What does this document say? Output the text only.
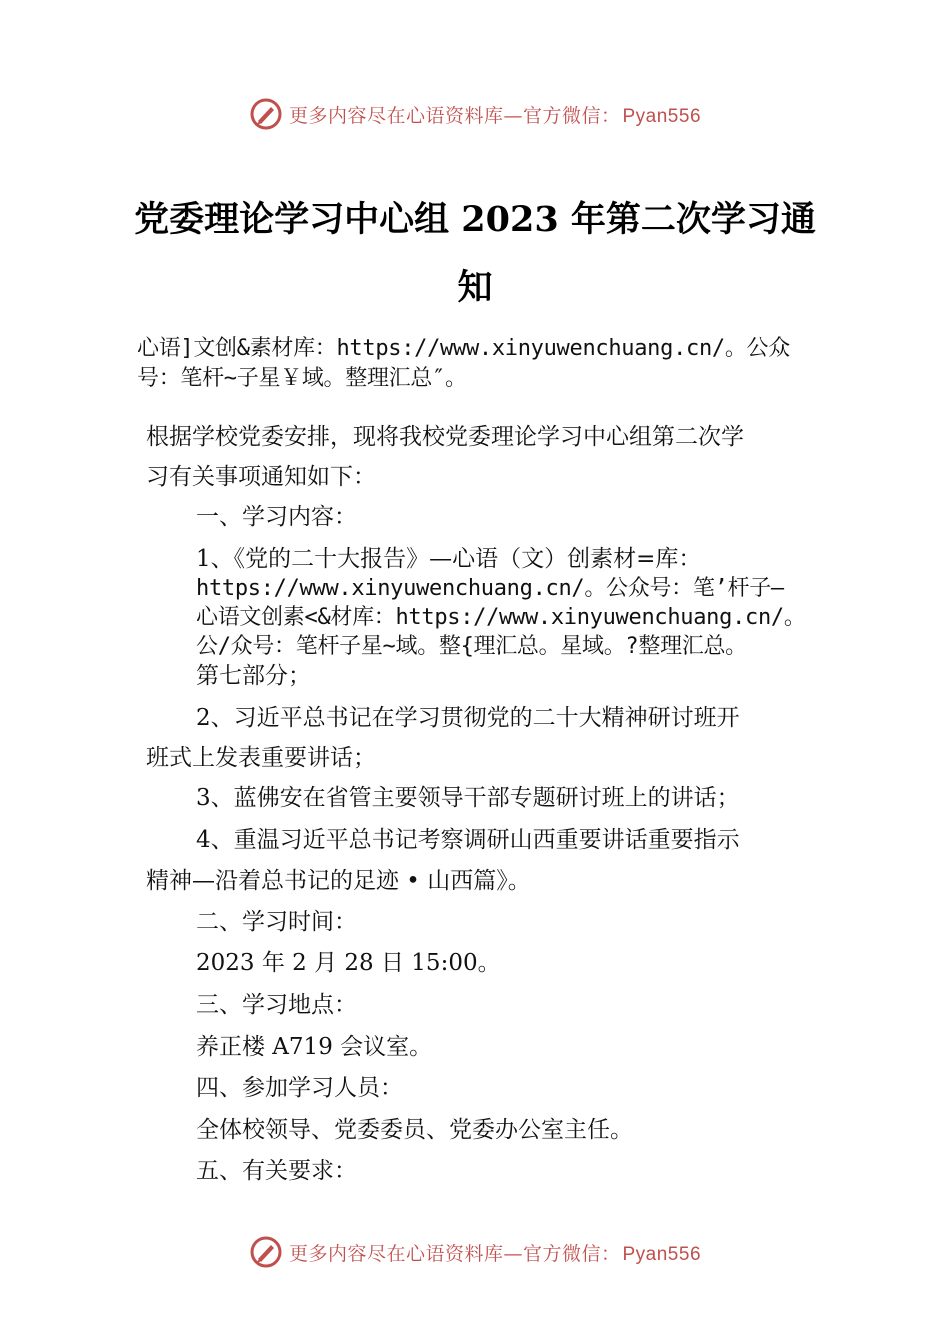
更多内容尽在心语资料库—官方微信： Pyan556
党委理论学习中心组 2023 年第二次学习通
知
心语]文创&素材库：https://www.xinyuwenchuang.cn/。公众
号：笔杆~子星￥域。整理汇总″。
根据学校党委安排，现将我校党委理论学习中心组第二次学
习有关事项通知如下：
一、学习内容：
1、《党的二十大报告》—心语（文）创素材=库：
https://www.xinyuwenchuang.cn/。公众号：笔’杆子—
心语文创素<&材库：https://www.xinyuwenchuang.cn/。
公/众号：笔杆子星~域。整{理汇总。星域。?整理汇总。
第七部分；
2、习近平总书记在学习贯彻党的二十大精神研讨班开
班式上发表重要讲话；
3、蓝佛安在省管主要领导干部专题研讨班上的讲话；
4、重温习近平总书记考察调研山西重要讲话重要指示
精神—沿着总书记的足迹 • 山西篇》。
二、学习时间：
2023 年 2 月 28 日 15:00。
三、学习地点：
养正楼 A719 会议室。
四、参加学习人员：
全体校领导、党委委员、党委办公室主任。
五、有关要求：
更多内容尽在心语资料库—官方微信： Pyan556
